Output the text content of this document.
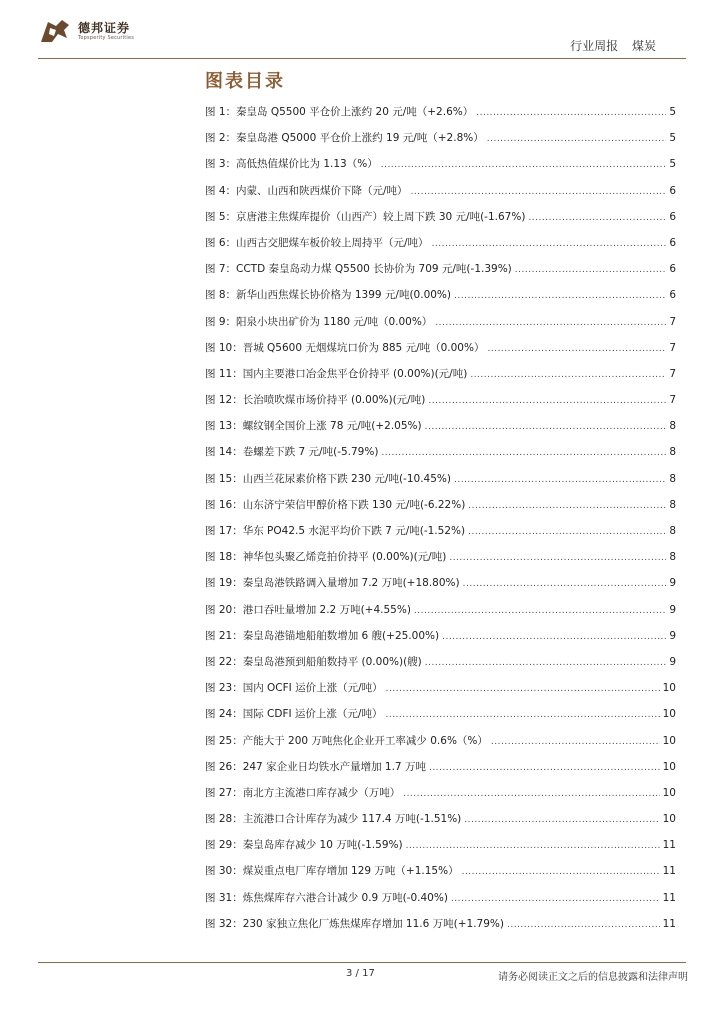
德邦证券
Topsperity Securities
行业周报 煤炭
图表目录
图 1：秦皇岛 Q5500 平仓价上涨约 20 元/吨（+2.6%） .....	5
图 2：秦皇岛港 Q5000 平仓价上涨约 19 元/吨（+2.8%） .....	5
图 3：高低热值煤价比为 1.13（%） .....	5
图 4：内蒙、山西和陕西煤价下降（元/吨） .....	6
图 5：京唐港主焦煤库提价（山西产）较上周下跌 30 元/吨(-1.67%) .....	6
图 6：山西古交肥煤车板价较上周持平（元/吨） .....	6
图 7：CCTD 秦皇岛动力煤 Q5500 长协价为 709 元/吨(-1.39%) .....	6
图 8：新华山西焦煤长协价格为 1399 元/吨(0.00%) .....	6
图 9：阳泉小块出矿价为 1180 元/吨（0.00%） .....	7
图 10：晋城 Q5600 无烟煤坑口价为 885 元/吨（0.00%） .....	7
图 11：国内主要港口冶金焦平仓价持平 (0.00%)(元/吨) .....	7
图 12：长治喷吹煤市场价持平 (0.00%)(元/吨) .....	7
图 13：螺纹钢全国价上涨 78 元/吨(+2.05%) .....	8
图 14：卷螺差下跌 7 元/吨(-5.79%) .....	8
图 15：山西兰花尿素价格下跌 230 元/吨(-10.45%) .....	8
图 16：山东济宁荣信甲醇价格下跌 130 元/吨(-6.22%) .....	8
图 17：华东 PO42.5 水泥平均价下跌 7 元/吨(-1.52%) .....	8
图 18：神华包头聚乙烯竞拍价持平 (0.00%)(元/吨) .....	8
图 19：秦皇岛港铁路调入量增加 7.2 万吨(+18.80%) .....	9
图 20：港口吞吐量增加 2.2 万吨(+4.55%) .....	9
图 21：秦皇岛港锚地船舶数增加 6 艘(+25.00%) .....	9
图 22：秦皇岛港预到船舶数持平 (0.00%)(艘) .....	9
图 23：国内 OCFI 运价上涨（元/吨） .....	10
图 24：国际 CDFI 运价上涨（元/吨） .....	10
图 25：产能大于 200 万吨焦化企业开工率减少 0.6%（%） .....	10
图 26：247 家企业日均铁水产量增加 1.7 万吨 .....	10
图 27：南北方主流港口库存减少（万吨） .....	10
图 28：主流港口合计库存为减少 117.4 万吨(-1.51%) .....	10
图 29：秦皇岛库存减少 10 万吨(-1.59%) .....	11
图 30：煤炭重点电厂库存增加 129 万吨（+1.15%） .....	11
图 31：炼焦煤库存六港合计减少 0.9 万吨(-0.40%) .....	11
图 32：230 家独立焦化厂炼焦煤库存增加 11.6 万吨(+1.79%) .....	11
3 / 17	请务必阅读正文之后的信息披露和法律声明
